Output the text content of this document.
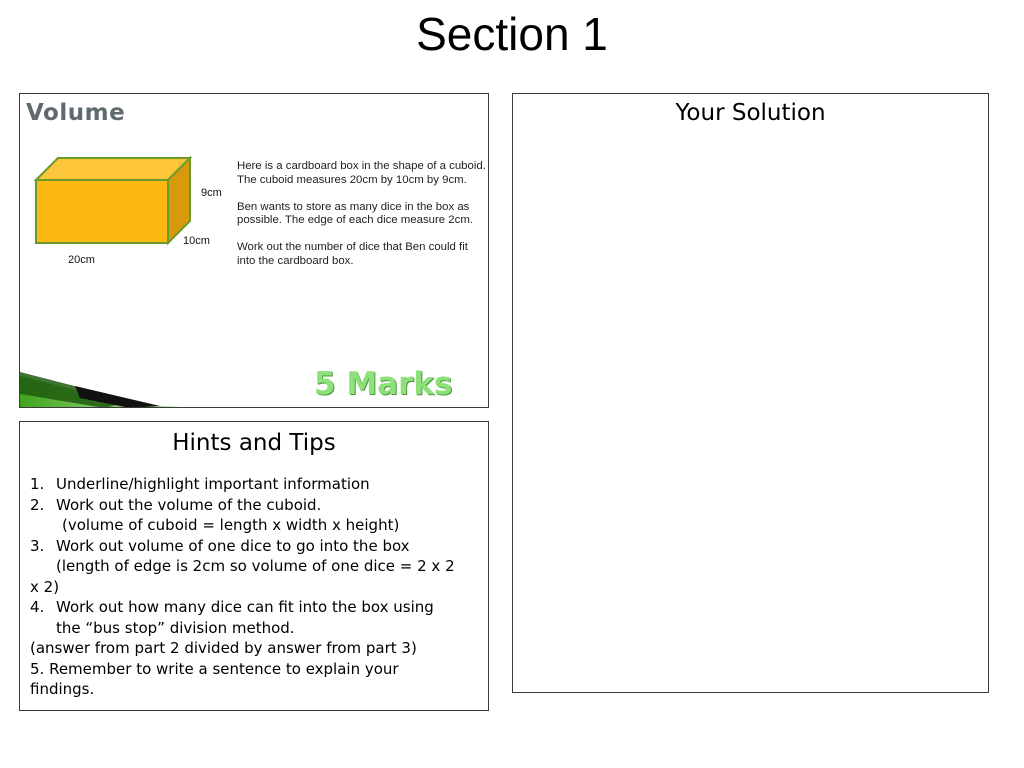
Section 1
Volume
9cm
10cm
20cm

Here is a cardboard box in the shape of a cuboid.
The cuboid measures 20cm by 10cm by 9cm.

Ben wants to store as many dice in the box as possible. The edge of each dice measure 2cm.

Work out the number of dice that Ben could fit into the cardboard box.

5 Marks
Hints and Tips
1. Underline/highlight important information
2. Work out the volume of the cuboid.
(volume of cuboid = length x width x height)
3. Work out volume of one dice to go into the box
(length of edge is 2cm so volume of one dice = 2 x 2
x 2)
4. Work out how many dice can fit into the box using
the “bus stop” division method.
(answer from part 2 divided by answer from part 3)
5. Remember to write a sentence to explain your
findings.
Your Solution
